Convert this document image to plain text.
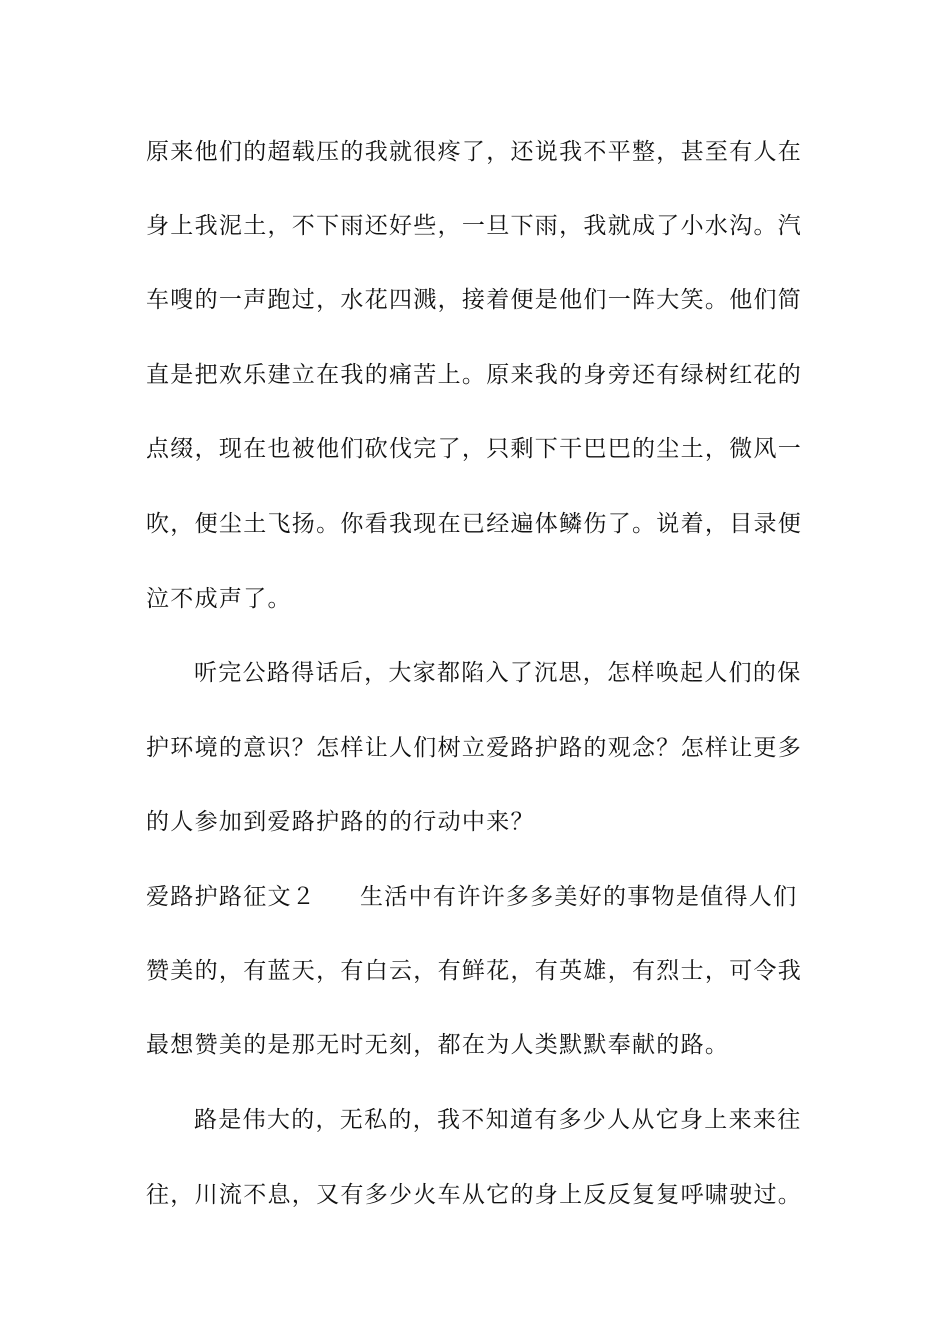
原来他们的超载压的我就很疼了，还说我不平整，甚至有人在
身上我泥土，不下雨还好些，一旦下雨，我就成了小水沟。汽
车嗖的一声跑过，水花四溅，接着便是他们一阵大笑。他们简
直是把欢乐建立在我的痛苦上。原来我的身旁还有绿树红花的
点缀，现在也被他们砍伐完了，只剩下干巴巴的尘土，微风一
吹，便尘土飞扬。你看我现在已经遍体鳞伤了。说着，目录便
泣不成声了。
听完公路得话后，大家都陷入了沉思，怎样唤起人们的保
护环境的意识？怎样让人们树立爱路护路的观念？怎样让更多
的人参加到爱路护路的的行动中来？
爱路护路征文２ 生活中有许许多多美好的事物是值得人们
赞美的，有蓝天，有白云，有鲜花，有英雄，有烈士，可令我
最想赞美的是那无时无刻，都在为人类默默奉献的路。
路是伟大的，无私的，我不知道有多少人从它身上来来往
往，川流不息，又有多少火车从它的身上反反复复呼啸驶过。
